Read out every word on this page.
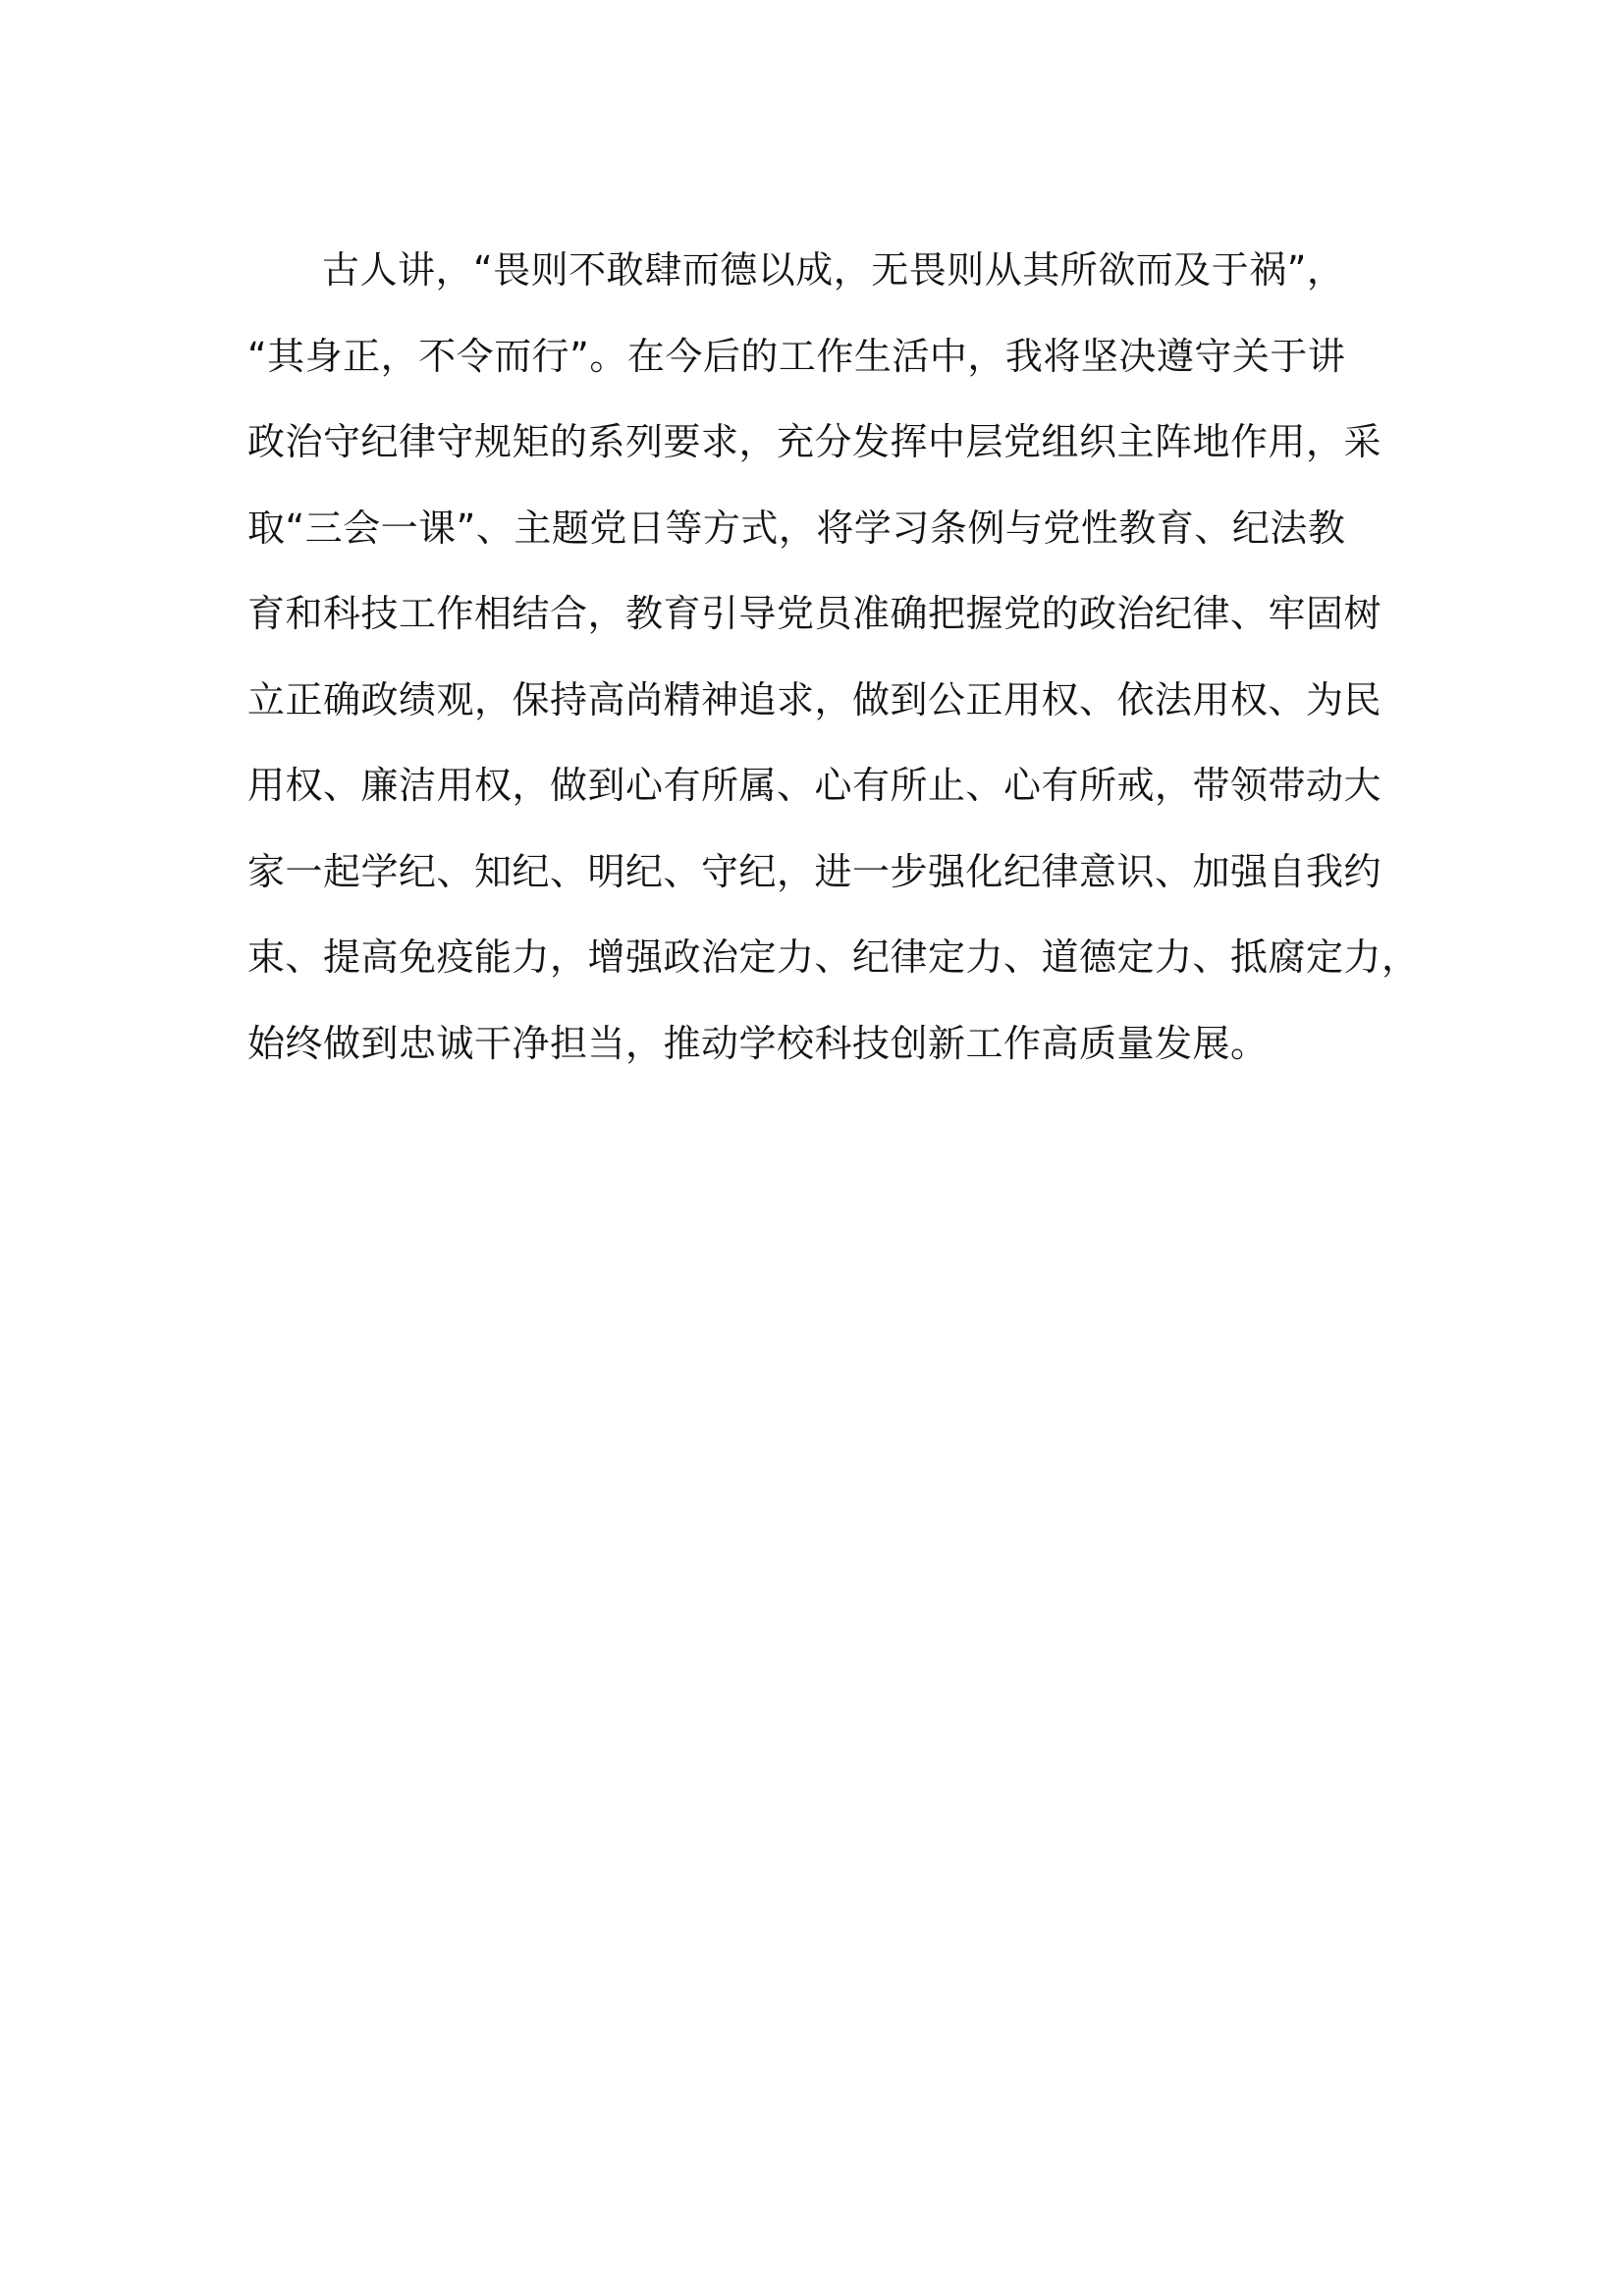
古人讲，“畏则不敢肆而德以成，无畏则从其所欲而及于祸”，
“其身正，不令而行”。在今后的工作生活中，我将坚决遵守关于讲
政治守纪律守规矩的系列要求，充分发挥中层党组织主阵地作用，采
取“三会一课”、主题党日等方式，将学习条例与党性教育、纪法教
育和科技工作相结合，教育引导党员准确把握党的政治纪律、牢固树
立正确政绩观，保持高尚精神追求，做到公正用权、依法用权、为民
用权、廉洁用权，做到心有所属、心有所止、心有所戒，带领带动大
家一起学纪、知纪、明纪、守纪，进一步强化纪律意识、加强自我约
束、提高免疫能力，增强政治定力、纪律定力、道德定力、抵腐定力，
始终做到忠诚干净担当，推动学校科技创新工作高质量发展。
